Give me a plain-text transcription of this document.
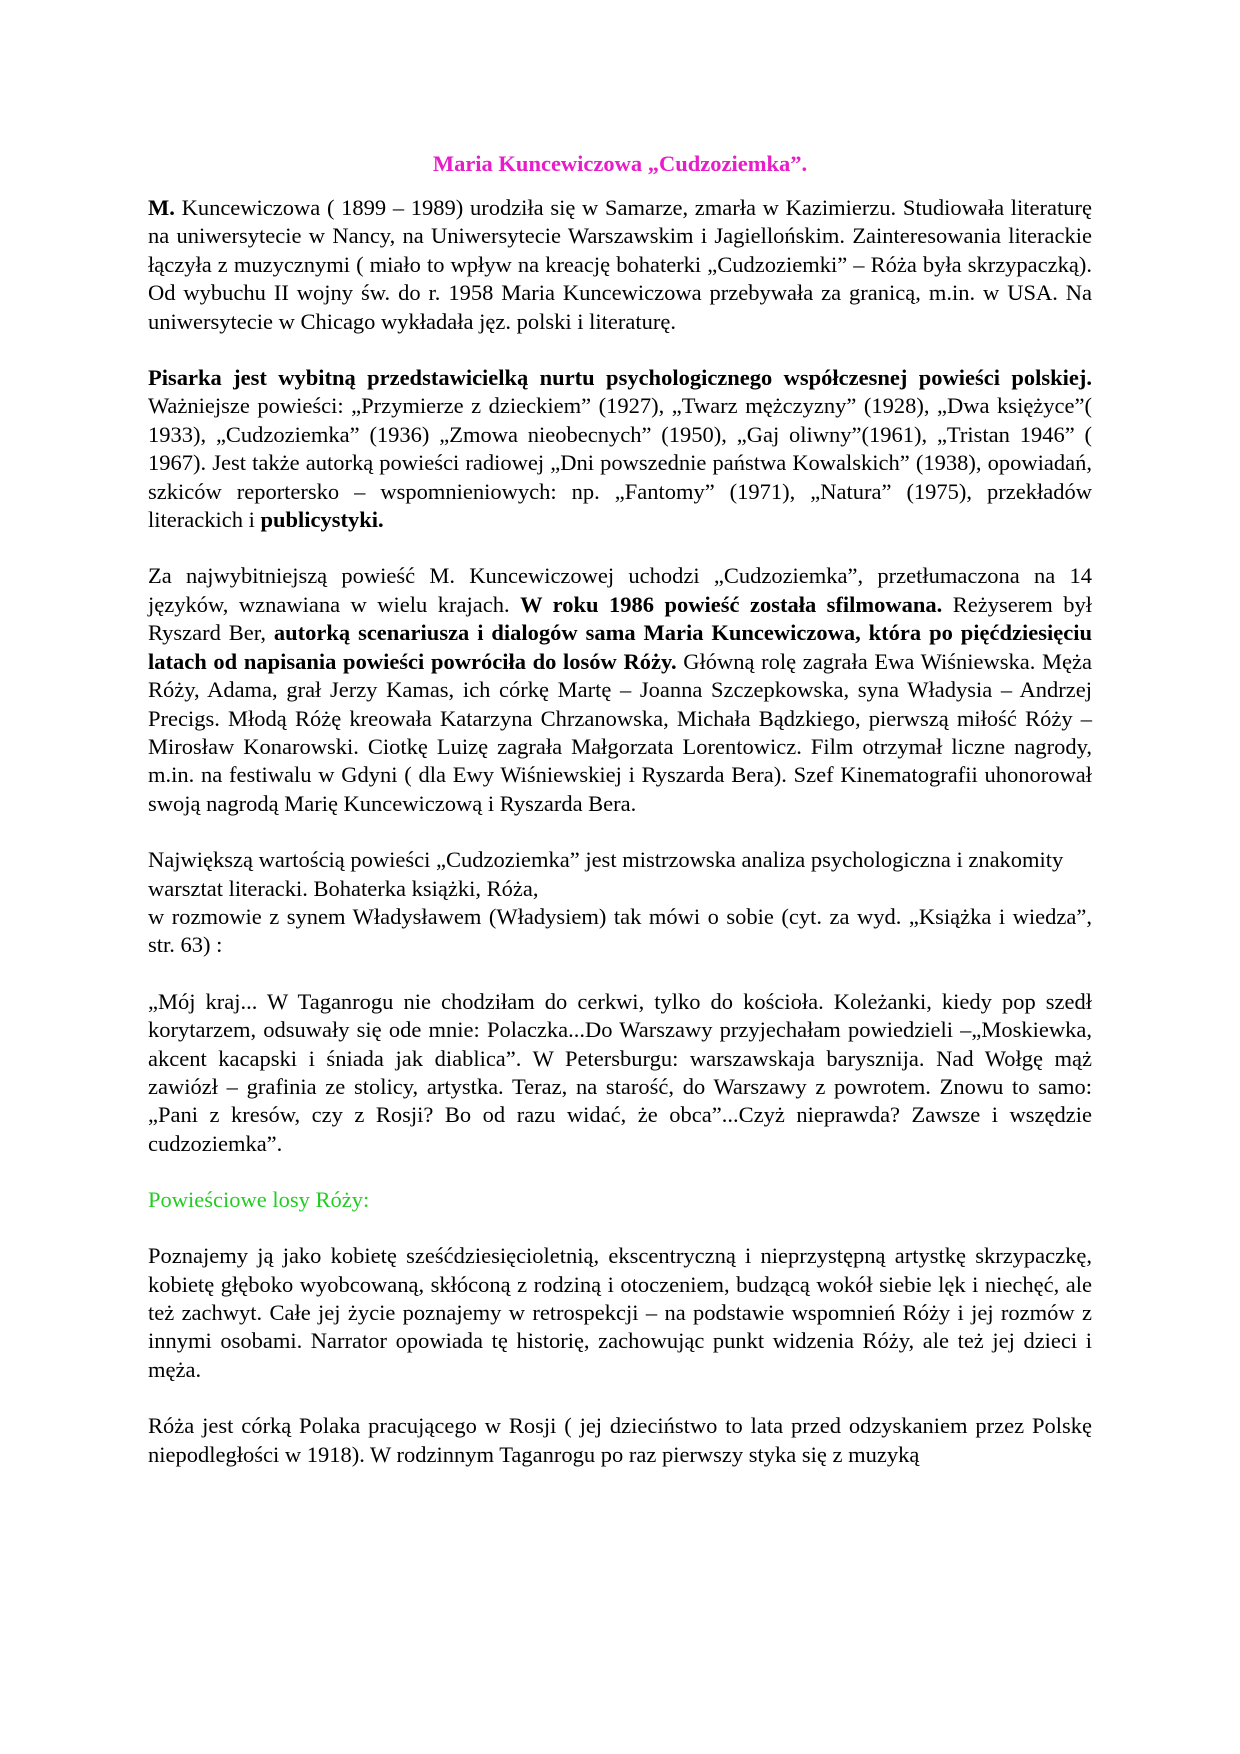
Maria Kuncewiczowa „Cudzoziemka”.
M. Kuncewiczowa ( 1899 – 1989) urodziła się w Samarze, zmarła w Kazimierzu. Studiowała literaturę na uniwersytecie w Nancy, na Uniwersytecie Warszawskim i Jagiellońskim. Zainteresowania literackie łączyła z muzycznymi ( miało to wpływ na kreację bohaterki „Cudzoziemki” – Róża była skrzypaczką). Od wybuchu II wojny św. do r. 1958 Maria Kuncewiczowa przebywała za granicą, m.in. w USA. Na uniwersytecie w Chicago wykładała jęz. polski i literaturę.
Pisarka jest wybitną przedstawicielką nurtu psychologicznego współczesnej powieści polskiej. Ważniejsze powieści: „Przymierze z dzieckiem” (1927), „Twarz mężczyzny” (1928), „Dwa księżyce”( 1933), „Cudzoziemka” (1936) „Zmowa nieobecnych” (1950), „Gaj oliwny”(1961), „Tristan 1946” ( 1967). Jest także autorką powieści radiowej „Dni powszednie państwa Kowalskich” (1938), opowiadań, szkiców reportersko – wspomnieniowych: np. „Fantomy” (1971), „Natura” (1975), przekładów literackich i publicystyki.
Za najwybitniejszą powieść M. Kuncewiczowej uchodzi „Cudzoziemka”, przetłumaczona na 14 języków, wznawiana w wielu krajach. W roku 1986 powieść została sfilmowana. Reżyserem był Ryszard Ber, autorką scenariusza i dialogów sama Maria Kuncewiczowa, która po pięćdziesięciu latach od napisania powieści powróciła do losów Róży. Główną rolę zagrała Ewa Wiśniewska. Męża Róży, Adama, grał Jerzy Kamas, ich córkę Martę – Joanna Szczepkowska, syna Władysia – Andrzej Precigs. Młodą Różę kreowała Katarzyna Chrzanowska, Michała Bądzkiego, pierwszą miłość Róży – Mirosław Konarowski. Ciotkę Luizę zagrała Małgorzata Lorentowicz. Film otrzymał liczne nagrody, m.in. na festiwalu w Gdyni ( dla Ewy Wiśniewskiej i Ryszarda Bera). Szef Kinematografii uhonorował swoją nagrodą Marię Kuncewiczową i Ryszarda Bera.
Największą wartością powieści „Cudzoziemka” jest mistrzowska analiza psychologiczna i znakomity warsztat literacki. Bohaterka książki, Róża,
w rozmowie z synem Władysławem (Władysiem) tak mówi o sobie (cyt. za wyd. „Książka i wiedza”, str. 63) :
„Mój kraj... W Taganrogu nie chodziłam do cerkwi, tylko do kościoła. Koleżanki, kiedy pop szedł korytarzem, odsuwały się ode mnie: Polaczka...Do Warszawy przyjechałam powiedzieli –„Moskiewka, akcent kacapski i śniada jak diablica”. W Petersburgu: warszawskaja barysznija. Nad Wołgę mąż zawiózł – grafinia ze stolicy, artystka. Teraz, na starość, do Warszawy z powrotem. Znowu to samo: „Pani z kresów, czy z Rosji? Bo od razu widać, że obca”...Czyż nieprawda? Zawsze i wszędzie cudzoziemka”.
Powieściowe losy Róży:
Poznajemy ją jako kobietę sześćdziesięcioletnią, ekscentryczną i nieprzystępną artystkę skrzypaczkę, kobietę głęboko wyobcowaną, skłóconą z rodziną i otoczeniem, budzącą wokół siebie lęk i niechęć, ale też zachwyt. Całe jej życie poznajemy w retrospekcji – na podstawie wspomnień Róży i jej rozmów z innymi osobami. Narrator opowiada tę historię, zachowując punkt widzenia Róży, ale też jej dzieci i męża.
Róża jest córką Polaka pracującego w Rosji ( jej dzieciństwo to lata przed odzyskaniem przez Polskę niepodległości w 1918). W rodzinnym Taganrogu po raz pierwszy styka się z muzyką
